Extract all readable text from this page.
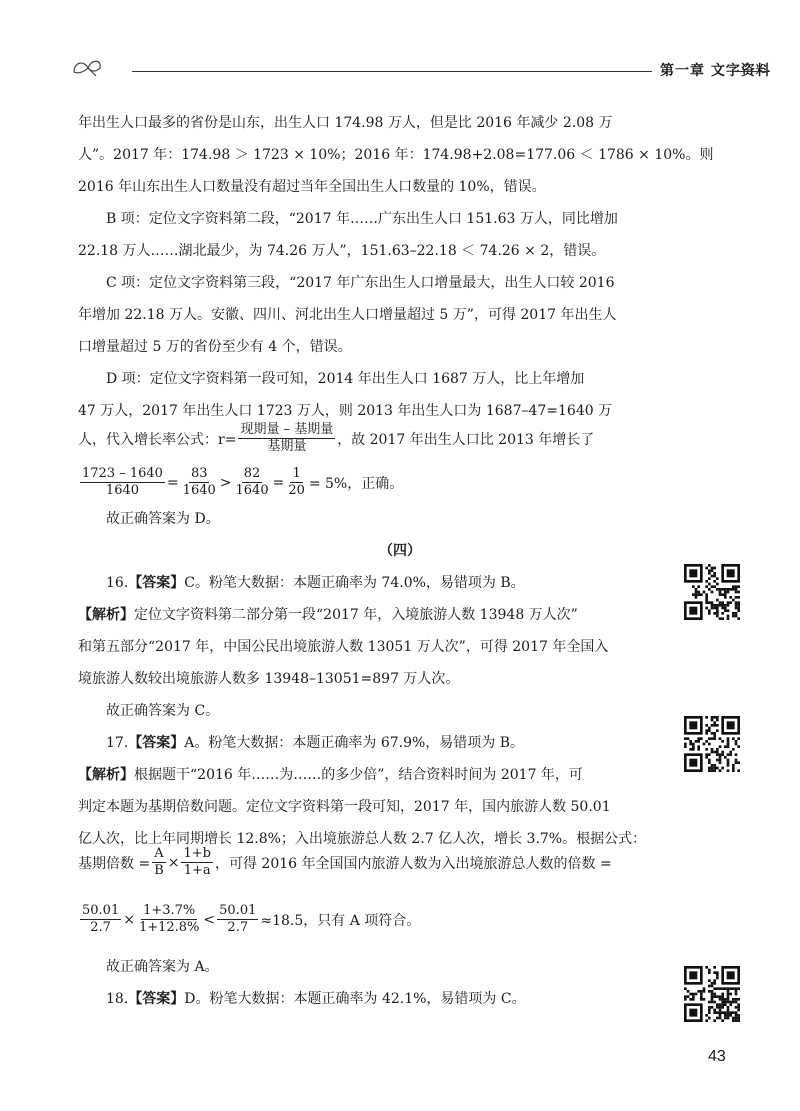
第一章 文字资料
年出生人口最多的省份是山东，出生人口 174.98 万人，但是比 2016 年减少 2.08 万
人”。2017 年：174.98 ＞ 1723 × 10%；2016 年：174.98+2.08=177.06 ＜ 1786 × 10%。则
2016 年山东出生人口数量没有超过当年全国出生人口数量的 10%，错误。
B 项：定位文字资料第二段，“2017 年……广东出生人口 151.63 万人，同比增加
22.18 万人……湖北最少，为 74.26 万人”，151.63–22.18 ＜ 74.26 × 2，错误。
C 项：定位文字资料第三段，“2017 年广东出生人口增量最大，出生人口较 2016
年增加 22.18 万人。安徽、四川、河北出生人口增量超过 5 万”，可得 2017 年出生人
口增量超过 5 万的省份至少有 4 个，错误。
D 项：定位文字资料第一段可知，2014 年出生人口 1687 万人，比上年增加
47 万人，2017 年出生人口 1723 万人，则 2013 年出生人口为 1687–47=1640 万
人，代入增长率公式：$r= \frac{\text{现期量 – 基期量}}{\text{基期量}}$ ，故 2017 年出生人口比 2013 年增长了
$\frac{1723 - 1640}{1640} = \frac{83}{1640} > \frac{82}{1640} = \frac{1}{20} = 5\%$，正确。
故正确答案为 D。
（四）
16.【答案】C。粉笔大数据：本题正确率为 74.0%，易错项为 B。
【解析】定位文字资料第二部分第一段“2017 年，入境旅游人数 13948 万人次”
和第五部分“2017 年，中国公民出境旅游人数 13051 万人次”，可得 2017 年全国入
境旅游人数较出境旅游人数多 13948–13051=897 万人次。
故正确答案为 C。
17.【答案】A。粉笔大数据：本题正确率为 67.9%，易错项为 B。
【解析】根据题干“2016 年……为……的多少倍”，结合资料时间为 2017 年，可
判定本题为基期倍数问题。定位文字资料第一段可知，2017 年，国内旅游人数 50.01
亿人次，比上年同期增长 12.8%；入出境旅游总人数 2.7 亿人次，增长 3.7%。根据公式：
基期倍数 = $\frac{A}{B} \times \frac{1+b}{1+a}$ ，可得 2016 年全国国内旅游人数为入出境旅游总人数的倍数 =
$\frac{50.01}{2.7} \times \frac{1+3.7\%}{1+12.8\%} < \frac{50.01}{2.7} \approx 18.5$，只有 A 项符合。
故正确答案为 A。
18.【答案】D。粉笔大数据：本题正确率为 42.1%，易错项为 C。
43
